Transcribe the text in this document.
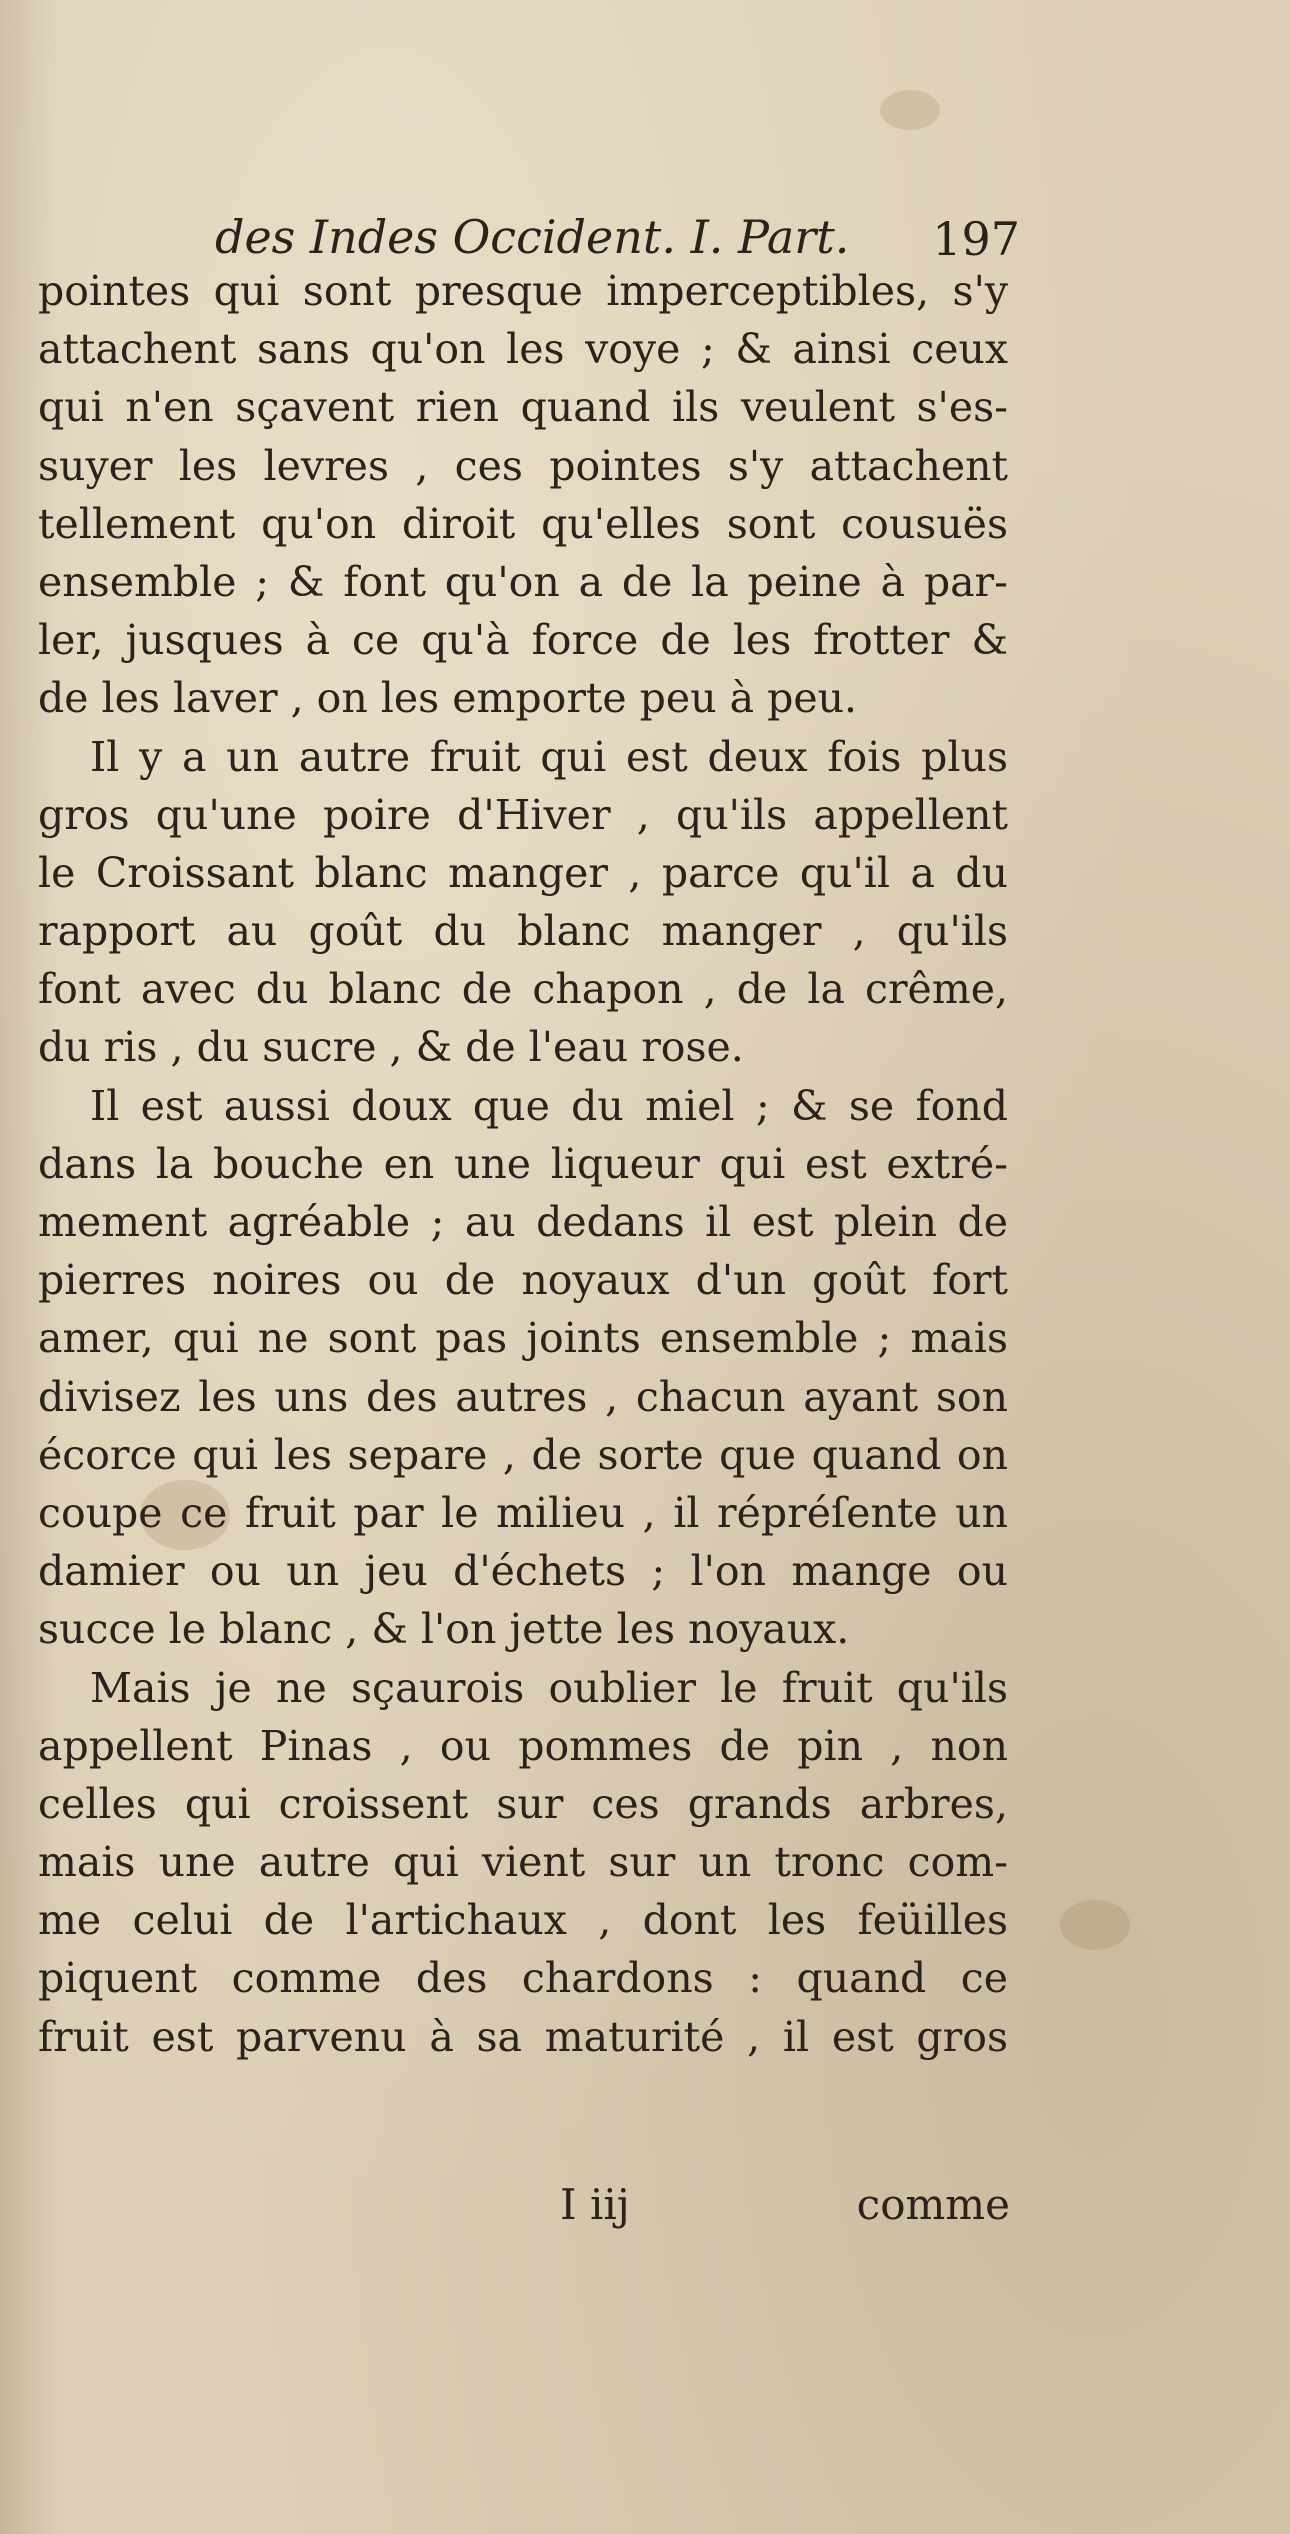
des Indes Occident. I. Part. 197
pointes qui sont presque imperceptibles, s'y
attachent sans qu'on les voye ; & ainsi ceux
qui n'en sçavent rien quand ils veulent s'es-
suyer les levres , ces pointes s'y attachent
tellement qu'on diroit qu'elles sont cousuës
ensemble ; & font qu'on a de la peine à par-
ler, jusques à ce qu'à force de les frotter &
de les laver , on les emporte peu à peu.
Il y a un autre fruit qui est deux fois plus
gros qu'une poire d'Hiver , qu'ils appellent
le Croissant blanc manger , parce qu'il a du
rapport au goût du blanc manger , qu'ils
font avec du blanc de chapon , de la crême,
du ris , du sucre , & de l'eau rose.
Il est aussi doux que du miel ; & se fond
dans la bouche en une liqueur qui est extré-
mement agréable ; au dedans il est plein de
pierres noires ou de noyaux d'un goût fort
amer, qui ne sont pas joints ensemble ; mais
divisez les uns des autres , chacun ayant son
écorce qui les separe , de sorte que quand on
coupe ce fruit par le milieu , il répréſente un
damier ou un jeu d'échets ; l'on mange ou
succe le blanc , & l'on jette les noyaux.
Mais je ne sçaurois oublier le fruit qu'ils
appellent Pinas , ou pommes de pin , non
celles qui croissent sur ces grands arbres,
mais une autre qui vient sur un tronc com-
me celui de l'artichaux , dont les feüilles
piquent comme des chardons : quand ce
fruit est parvenu à sa maturité , il est gros
I iij	comme
